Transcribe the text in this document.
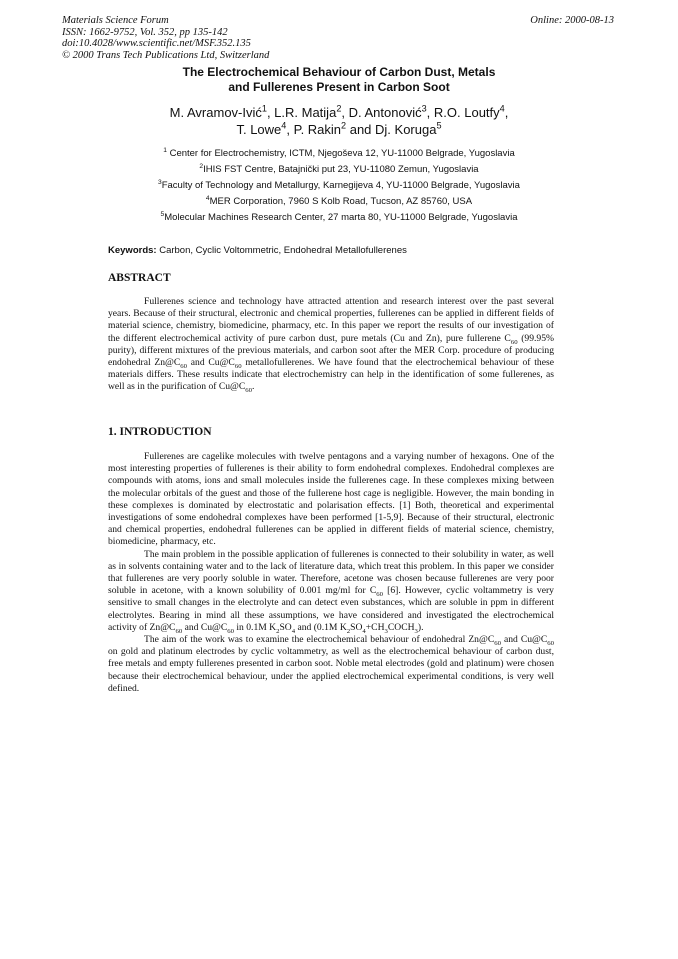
Materials Science Forum
ISSN: 1662-9752, Vol. 352, pp 135-142
doi:10.4028/www.scientific.net/MSF.352.135
© 2000 Trans Tech Publications Ltd, Switzerland
Online: 2000-08-13
The Electrochemical Behaviour of Carbon Dust, Metals
and Fullerenes Present in Carbon Soot
M. Avramov-Ivić$^1$, L.R. Matija$^2$, D. Antonović$^3$, R.O. Loutfy$^4$,
T. Lowe$^4$, P. Rakin$^2$ and Dj. Koruga$^5$
$^1$ Center for Electrochemistry, ICTM, Njegoševa 12, YU-11000 Belgrade, Yugoslavia
$^2$IHIS FST Centre, Batajnički put 23, YU-11080 Zemun, Yugoslavia
$^3$Faculty of Technology and Metallurgy, Karnegijeva 4, YU-11000 Belgrade, Yugoslavia
$^4$MER Corporation, 7960 S Kolb Road, Tucson, AZ 85760, USA
$^5$Molecular Machines Research Center, 27 marta 80, YU-11000 Belgrade, Yugoslavia
Keywords: Carbon, Cyclic Voltommetric, Endohedral Metallofullerenes
ABSTRACT

Fullerenes science and technology have attracted attention and research interest over the past several years. Because of their structural, electronic and chemical properties, fullerenes can be applied in different fields of material science, chemistry, biomedicine, pharmacy, etc. In this paper we report the results of our investigation of the different electrochemical activity of pure carbon dust, pure metals (Cu and Zn), pure fullerene $C_{60}$ (99.95% purity), different mixtures of the previous materials, and carbon soot after the MER Corp. procedure of producing endohedral $Zn@C_{60}$ and $Cu@C_{60}$ metallofullerenes. We have found that the electrochemical behaviour of these materials differs. These results indicate that electrochemistry can help in the identification of some fullerenes, as well as in the purification of $Cu@C_{60}$.

1. INTRODUCTION

Fullerenes are cagelike molecules with twelve pentagons and a varying number of hexagons. One of the most interesting properties of fullerenes is their ability to form endohedral complexes. Endohedral complexes are compounds with atoms, ions and small molecules inside the fullerenes cage. In these complexes mixing between the molecular orbitals of the guest and those of the fullerene host cage is negligible. However, the main bonding in these complexes is dominated by electrostatic and polarisation effects. [1] Both, theoretical and experimental investigations of some endohedral complexes have been performed [1-5,9]. Because of their structural, electronic and chemical properties, endohedral fullerenes can be applied in different fields of material science, chemistry, biomedicine, pharmacy, etc.

The main problem in the possible application of fullerenes is connected to their solubility in water, as well as in solvents containing water and to the lack of literature data, which treat this problem. In this paper we consider that fullerenes are very poorly soluble in water. Therefore, acetone was chosen because fullerenes are very poor soluble in acetone, with a known solubility of 0.001 mg/ml for $C_{60}$ [6]. However, cyclic voltammetry is very sensitive to small changes in the electrolyte and can detect even substances, which are soluble in ppm in different electrolytes. Bearing in mind all these assumptions, we have considered and investigated the electrochemical activity of $Zn@C_{60}$ and $Cu@C_{60}$ in 0.1M $K_2SO_4$ and (0.1M $K_2SO_4+CH_3COCH_3$).

The aim of the work was to examine the electrochemical behaviour of endohedral $Zn@C_{60}$ and $Cu@C_{60}$ on gold and platinum electrodes by cyclic voltammetry, as well as the electrochemical behaviour of carbon dust, free metals and empty fullerenes presented in carbon soot. Noble metal electrodes (gold and platinum) were chosen because their electrochemical behaviour, under the applied electrochemical experimental conditions, is very well defined.
